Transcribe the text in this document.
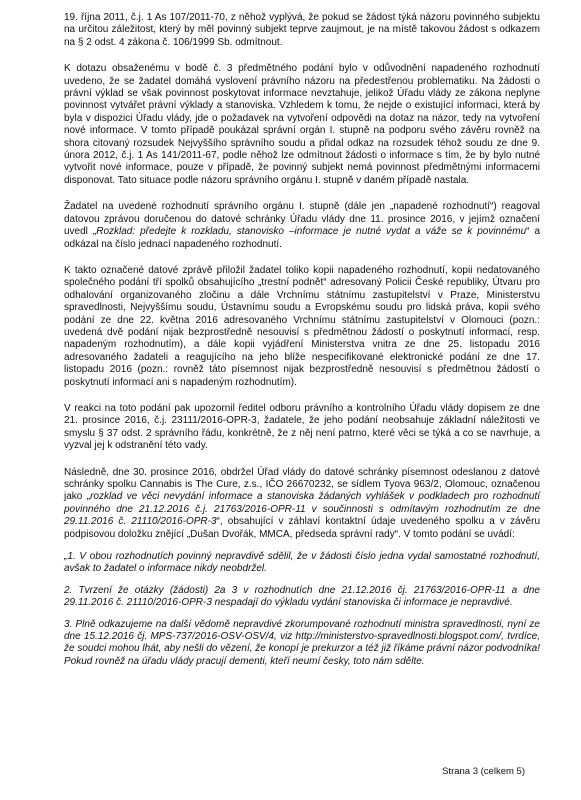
19. října 2011, č.j. 1 As 107/2011-70, z něhož vyplývá, že pokud se žádost týká názoru povinného subjektu na určitou záležitost, který by měl povinný subjekt teprve zaujmout, je na místě takovou žádost s odkazem na § 2 odst. 4 zákona č. 106/1999 Sb. odmítnout.

K dotazu obsaženému v bodě č. 3 předmětného podání bylo v odůvodnění napadeného rozhodnutí uvedeno, že se žadatel domáhá vyslovení právního názoru na předestřenou problematiku. Na žádosti o právní výklad se však povinnost poskytovat informace nevztahuje, jelikož Úřadu vlády ze zákona neplyne povinnost vytvářet právní výklady a stanoviska. Vzhledem k tomu, že nejde o existující informaci, která by byla v dispozici Úřadu vlády, jde o požadavek na vytvoření odpovědi na dotaz na názor, tedy na vytvoření nové informace. V tomto případě poukázal správní orgán I. stupně na podporu svého závěru rovněž na shora citovaný rozsudek Nejvyššího správního soudu a přidal odkaz na rozsudek téhož soudu ze dne 9. února 2012, č.j. 1 As 141/2011-67, podle něhož lze odmítnout žádosti o informace s tím, že by bylo nutné vytvořit nové informace, pouze v případě, že povinný subjekt nemá povinnost předmětnými informacemi disponovat. Tato situace podle názoru správního orgánu I. stupně v daném případě nastala.

Žadatel na uvedené rozhodnutí správního orgánu I. stupně (dále jen „napadené rozhodnutí“) reagoval datovou zprávou doručenou do datové schránky Úřadu vlády dne 11. prosince 2016, v jejímž označení uvedl „Rozklad: předejte k rozkladu, stanovisko –informace je nutné vydat a váže se k povinnému“ a odkázal na číslo jednací napadeného rozhodnutí.

K takto označené datové zprávě přiložil žadatel toliko kopii napadeného rozhodnutí, kopii nedatovaného společného podání tří spolků obsahujícího „trestní podnět“ adresovaný Policii České republiky, Útvaru pro odhalování organizovaného zločinu a dále Vrchnímu státnímu zastupitelství v Praze, Ministerstvu spravedlnosti, Nejvyššímu soudu, Ústavnímu soudu a Evropskému soudu pro lidská práva, kopii svého podání ze dne 22. května 2016 adresovaného Vrchnímu státnímu zastupitelství v Olomouci (pozn.: uvedená dvě podání nijak bezprostředně nesouvisí s předmětnou žádostí o poskytnutí informací, resp. napadeným rozhodnutím), a dále kopii vyjádření Ministerstva vnitra ze dne 25. listopadu 2016 adresovaného žadateli a reagujícího na jeho blíže nespecifikované elektronické podání ze dne 17. listopadu 2016 (pozn.: rovněž táto písemnost nijak bezprostředně nesouvisí s předmětnou žádostí o poskytnutí informací ani s napadeným rozhodnutím).

V reakci na toto podání pak upozornil ředitel odboru právního a kontrolního Úřadu vlády dopisem ze dne 21. prosince 2016, č.j. 23111/2016-OPR-3, žadatele, že jeho podání neobsahuje základní náležitosti ve smyslu § 37 odst. 2 správního řádu, konkrétně, že z něj není patrno, které věci se týká a co se navrhuje, a vyzval jej k odstranění této vady.

Následně, dne 30. prosince 2016, obdržel Úřad vlády do datové schránky písemnost odeslanou z datové schránky spolku Cannabis is The Cure, z.s., IČO 26670232, se sídlem Tyova 963/2, Olomouc, označenou jako „rozklad ve věci nevydání informace a stanoviska žádaných vyhlášek v podkladech pro rozhodnutí povinného dne 21.12.2016 č.j. 21763/2016-OPR-11 v součinnosti s odmítavým rozhodnutím ze dne 29.11.2016 č. 21110/2016-OPR-3“, obsahující v záhlaví kontaktní údaje uvedeného spolku a v závěru podpisovou doložku znějící „Dušan Dvořák, MMCA, předseda správní rady“. V tomto podání se uvádí:

„1. V obou rozhodnutích povinný nepravdivě sdělil, že v žádosti číslo jedna vydal samostatné rozhodnutí, avšak to žadatel o informace nikdy neobdržel.

2. Tvrzení že otázky (žádosti) 2a 3 v rozhodnutích dne 21.12.2016 čj. 21763/2016-OPR-11 a dne 29.11.2016 č. 21110/2016-OPR-3 nespadají do výkladu vydání stanoviska či informace je nepravdivé.

3. Plně odkazujeme na další vědomě nepravdivé zkorumpované rozhodnutí ministra spravedlnosti, nyní ze dne 15.12.2016 čj. MPS-737/2016-OSV-OSV/4, viz http://ministerstvo-spravedlnosti.blogspot.com/, tvrdíce, že soudci mohou lhát, aby nešli do vězení, že konopí je prekurzor a též již říkáme právní názor podvodníka! Pokud rovněž na úřadu vlády pracují dementi, kteří neumí česky, toto nám sdělte.

Strana 3 (celkem 5)
